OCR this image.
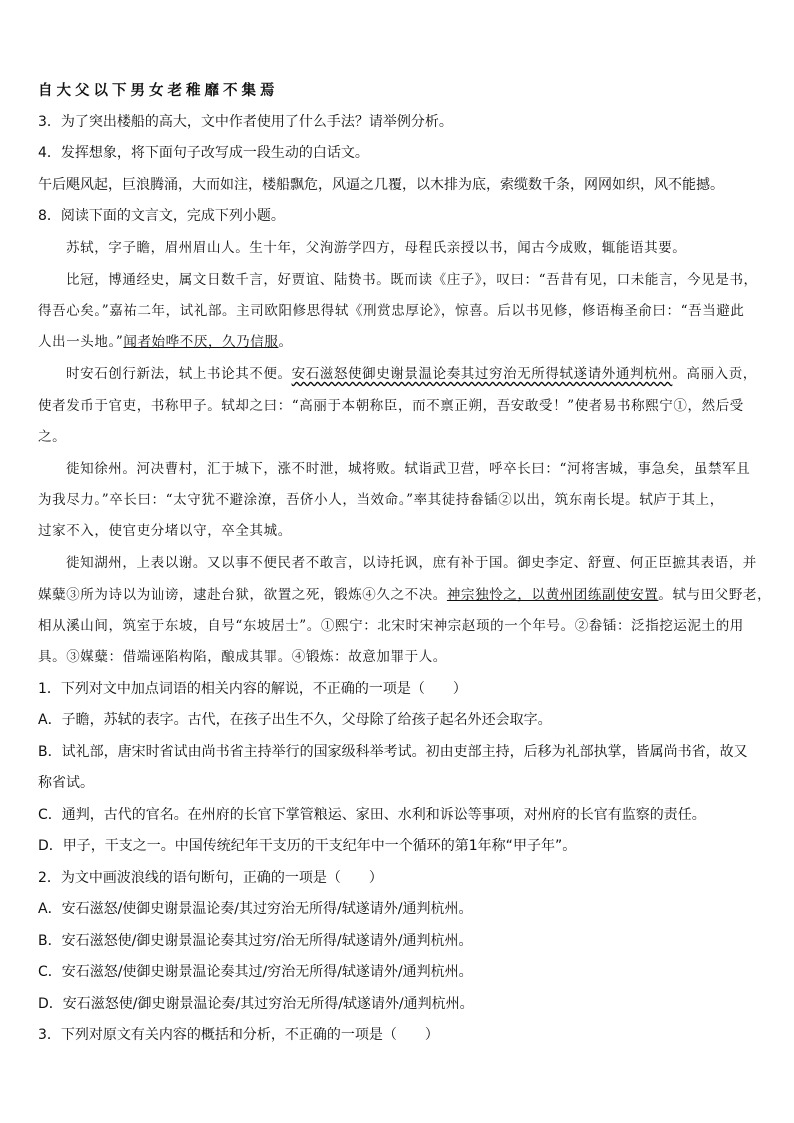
自大父以下男女老稚靡不集焉
3．为了突出楼船的高大，文中作者使用了什么手法？请举例分析。
4．发挥想象，将下面句子改写成一段生动的白话文。
午后飓风起，巨浪腾涌，大而如注，楼船飘危，风逼之几覆，以木排为底，索缆数千条，网网如织，风不能撼。
8．阅读下面的文言文，完成下列小题。
苏轼，字子瞻，眉州眉山人。生十年，父洵游学四方，母程氏亲授以书，闻古今成败，辄能语其要。
比冠，博通经史，属文日数千言，好贾谊、陆贽书。既而读《庄子》，叹曰：“吾昔有见，口未能言，今见是书，
得吾心矣。”嘉祐二年，试礼部。主司欧阳修思得轼《刑赏忠厚论》，惊喜。后以书见修，修语梅圣俞曰：“吾当避此
人出一头地。”闻者始哗不厌，久乃信服。
时安石创行新法，轼上书论其不便。安石滋怒使御史谢景温论奏其过穷治无所得轼遂请外通判杭州。高丽入贡，
使者发币于官吏，书称甲子。轼却之曰：“高丽于本朝称臣，而不禀正朔，吾安敢受！”使者易书称熙宁①，然后受
之。
徙知徐州。河决曹村，汇于城下，涨不时泄，城将败。轼诣武卫营，呼卒长曰：“河将害城，事急矣，虽禁军且
为我尽力。”卒长曰：“太守犹不避涂潦，吾侪小人，当效命。”率其徒持畚锸②以出，筑东南长堤。轼庐于其上，
过家不入，使官吏分堵以守，卒全其城。
徙知湖州，上表以谢。又以事不便民者不敢言，以诗托讽，庶有补于国。御史李定、舒亶、何正臣摭其表语，并
媒糵③所为诗以为讪谤，逮赴台狱，欲置之死，锻炼④久之不决。神宗独怜之，以黄州团练副使安置。轼与田父野老，
相从溪山间，筑室于东坡，自号“东坡居士”。①熙宁：北宋时宋神宗赵顼的一个年号。②畚锸：泛指挖运泥土的用
具。③媒糵：借端诬陷构陷，酿成其罪。④锻炼：故意加罪于人。
1．下列对文中加点词语的相关内容的解说，不正确的一项是（　　）
A．子瞻，苏轼的表字。古代，在孩子出生不久，父母除了给孩子起名外还会取字。
B．试礼部，唐宋时省试由尚书省主持举行的国家级科举考试。初由吏部主持，后移为礼部执掌，皆属尚书省，故又
称省试。
C．通判，古代的官名。在州府的长官下掌管粮运、家田、水利和诉讼等事项，对州府的长官有监察的责任。
D．甲子，干支之一。中国传统纪年干支历的干支纪年中一个循环的第1年称“甲子年”。
2．为文中画波浪线的语句断句，正确的一项是（　　）
A．安石滋怒/使御史谢景温论奏/其过穷治无所得/轼遂请外/通判杭州。
B．安石滋怒使/御史谢景温论奏其过穷/治无所得/轼遂请外/通判杭州。
C．安石滋怒/使御史谢景温论奏其过/穷治无所得/轼遂请外/通判杭州。
D．安石滋怒使/御史谢景温论奏/其过穷治无所得/轼遂请外/通判杭州。
3．下列对原文有关内容的概括和分析，不正确的一项是（　　）
